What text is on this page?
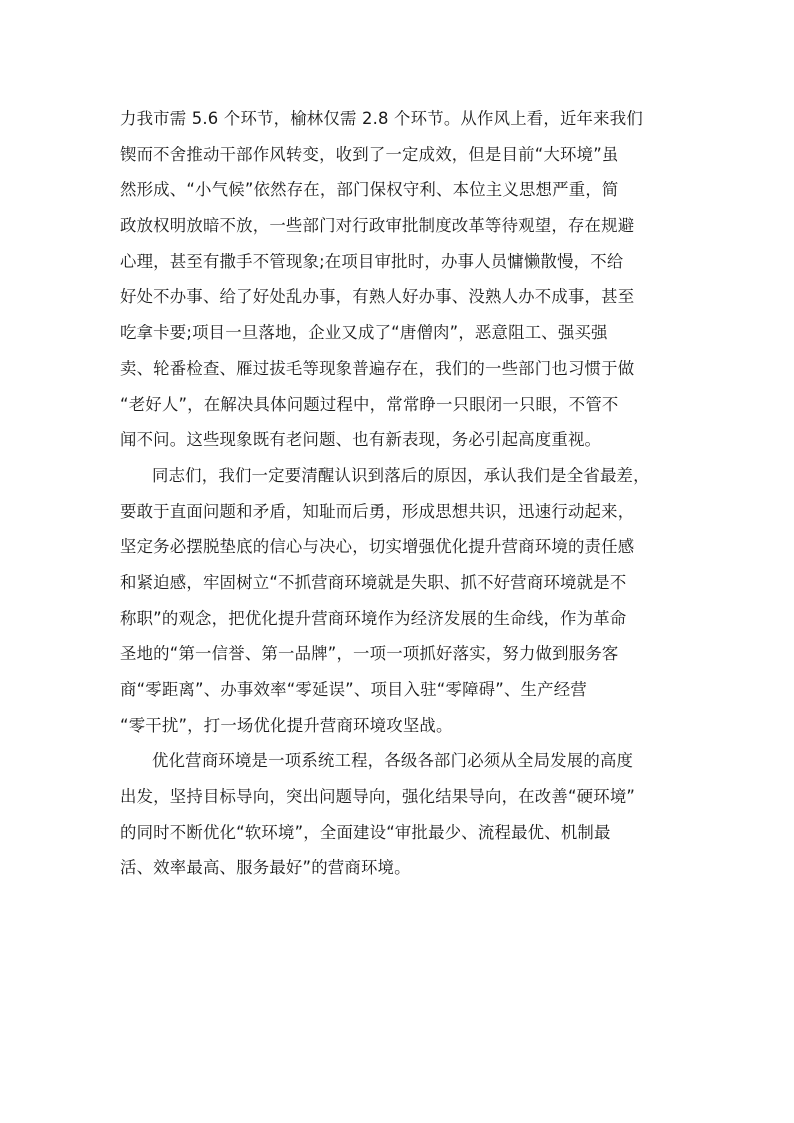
力我市需 5.6 个环节，榆林仅需 2.8 个环节。从作风上看，近年来我们
锲而不舍推动干部作风转变，收到了一定成效，但是目前“大环境”虽
然形成、“小气候”依然存在，部门保权守利、本位主义思想严重，简
政放权明放暗不放，一些部门对行政审批制度改革等待观望，存在规避
心理，甚至有撒手不管现象;在项目审批时，办事人员慵懒散慢，不给
好处不办事、给了好处乱办事，有熟人好办事、没熟人办不成事，甚至
吃拿卡要;项目一旦落地，企业又成了“唐僧肉”，恶意阻工、强买强
卖、轮番检查、雁过拔毛等现象普遍存在，我们的一些部门也习惯于做
“老好人”，在解决具体问题过程中，常常睁一只眼闭一只眼，不管不
闻不问。这些现象既有老问题、也有新表现，务必引起高度重视。

同志们，我们一定要清醒认识到落后的原因，承认我们是全省最差，
要敢于直面问题和矛盾，知耻而后勇，形成思想共识，迅速行动起来，
坚定务必摆脱垫底的信心与决心，切实增强优化提升营商环境的责任感
和紧迫感，牢固树立“不抓营商环境就是失职、抓不好营商环境就是不
称职”的观念，把优化提升营商环境作为经济发展的生命线，作为革命
圣地的“第一信誉、第一品牌”，一项一项抓好落实，努力做到服务客
商“零距离”、办事效率“零延误”、项目入驻“零障碍”、生产经营
“零干扰”，打一场优化提升营商环境攻坚战。

优化营商环境是一项系统工程，各级各部门必须从全局发展的高度
出发，坚持目标导向，突出问题导向，强化结果导向，在改善“硬环境”
的同时不断优化“软环境”，全面建设“审批最少、流程最优、机制最
活、效率最高、服务最好”的营商环境。
